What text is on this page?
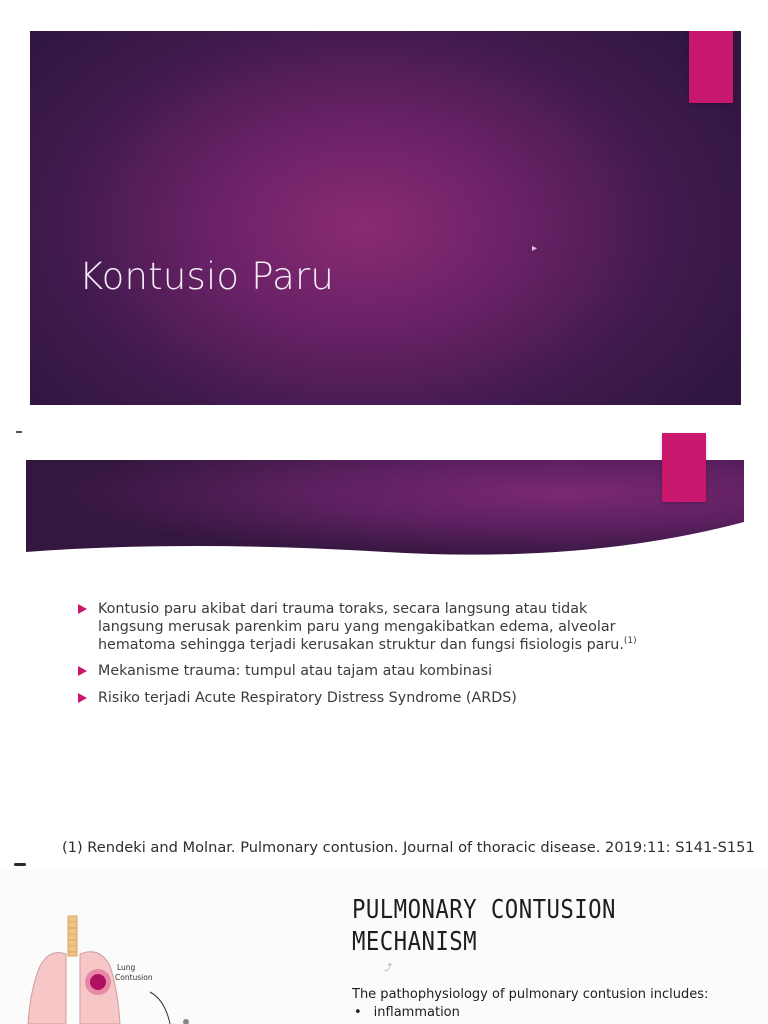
Kontusio Paru
▸
Kontusio paru akibat dari trauma toraks, secara langsung atau tidak langsung merusak parenkim paru yang mengakibatkan edema, alveolar hematoma sehingga terjadi kerusakan struktur dan fungsi fisiologis paru.$^{(1)}$
Mekanisme trauma: tumpul atau tajam atau kombinasi
Risiko terjadi Acute Respiratory Distress Syndrome (ARDS)
(1) Rendeki and Molnar. Pulmonary contusion. Journal of thoracic disease. 2019:11: S141-S151
Lung
Contusion
PULMONARY CONTUSION
MECHANISM
⤴
The pathophysiology of pulmonary contusion includes:
• inflammation
